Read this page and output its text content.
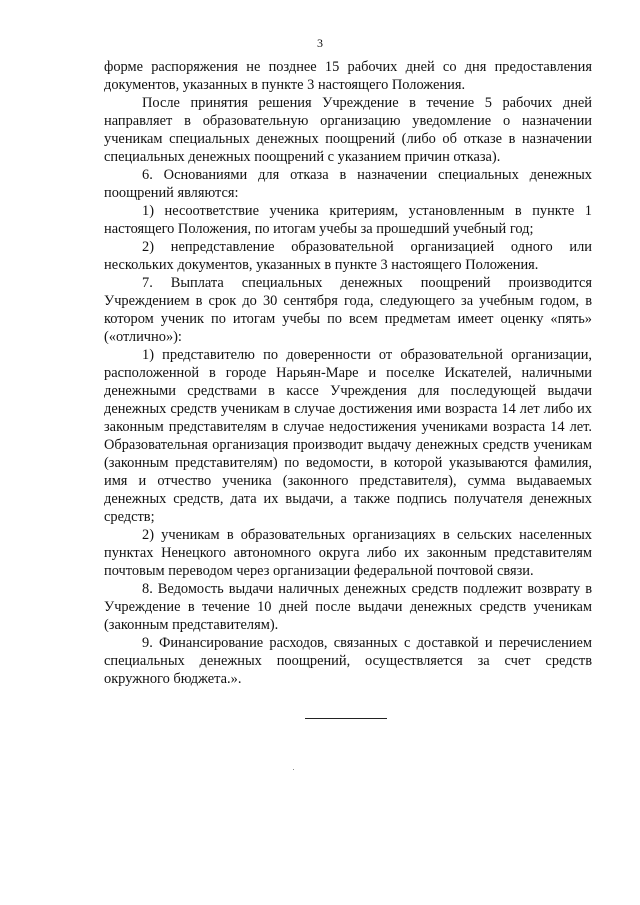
3

форме распоряжения не позднее 15 рабочих дней со дня предоставления документов, указанных в пункте 3 настоящего Положения.

После принятия решения Учреждение в течение 5 рабочих дней направляет в образовательную организацию уведомление о назначении ученикам специальных денежных поощрений (либо об отказе в назначении специальных денежных поощрений с указанием причин отказа).

6. Основаниями для отказа в назначении специальных денежных поощрений являются:

1) несоответствие ученика критериям, установленным в пункте 1 настоящего Положения, по итогам учебы за прошедший учебный год;

2) непредставление образовательной организацией одного или нескольких документов, указанных в пункте 3 настоящего Положения.

7. Выплата специальных денежных поощрений производится Учреждением в срок до 30 сентября года, следующего за учебным годом, в котором ученик по итогам учебы по всем предметам имеет оценку «пять» («отлично»):

1) представителю по доверенности от образовательной организации, расположенной в городе Нарьян-Маре и поселке Искателей, наличными денежными средствами в кассе Учреждения для последующей выдачи денежных средств ученикам в случае достижения ими возраста 14 лет либо их законным представителям в случае недостижения учениками возраста 14 лет. Образовательная организация производит выдачу денежных средств ученикам (законным представителям) по ведомости, в которой указываются фамилия, имя и отчество ученика (законного представителя), сумма выдаваемых денежных средств, дата их выдачи, а также подпись получателя денежных средств;

2) ученикам в образовательных организациях в сельских населенных пунктах Ненецкого автономного округа либо их законным представителям почтовым переводом через организации федеральной почтовой связи.

8. Ведомость выдачи наличных денежных средств подлежит возврату в Учреждение в течение 10 дней после выдачи денежных средств ученикам (законным представителям).

9. Финансирование расходов, связанных с доставкой и перечислением специальных денежных поощрений, осуществляется за счет средств окружного бюджета.».
